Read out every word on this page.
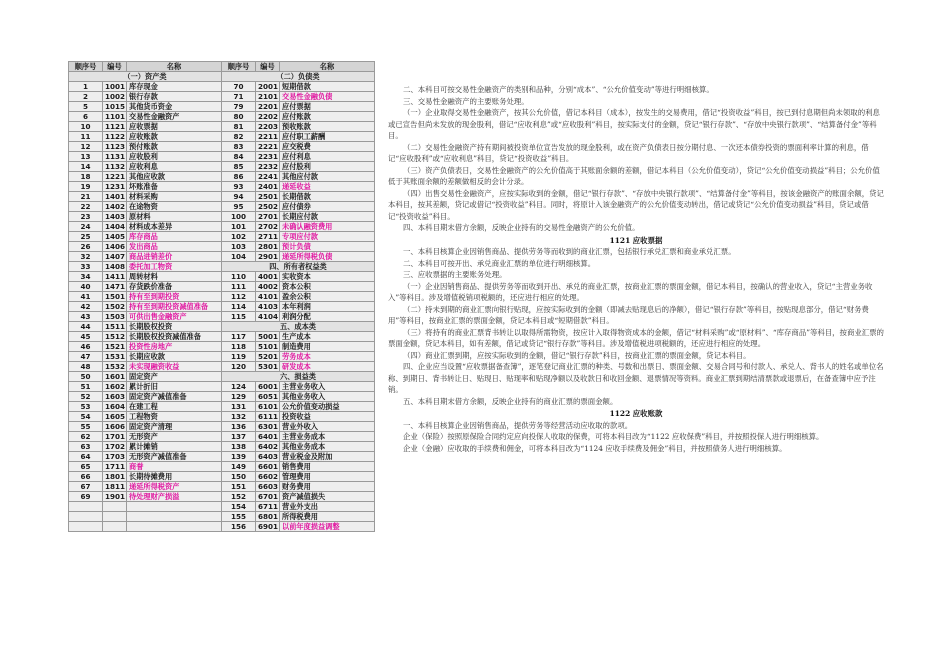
顺序号	编号	名称	顺序号	编号	名称
（一）资产类			（二）负债类		
1	1001	库存现金	70	2001	短期借款
2	1002	银行存款	71	2101	交易性金融负债
5	1015	其他货币资金	79	2201	应付票据
6	1101	交易性金融资产	80	2202	应付账款
10	1121	应收票据	81	2203	预收账款
11	1122	应收账款	82	2211	应付职工薪酬
12	1123	预付账款	83	2221	应交税费
13	1131	应收股利	84	2231	应付利息
14	1132	应收利息	85	2232	应付股利
18	1221	其他应收款	86	2241	其他应付款
19	1231	坏账准备	93	2401	递延收益
21	1401	材料采购	94	2501	长期借款
22	1402	在途物资	95	2502	应付债券
23	1403	原材料	100	2701	长期应付款
24	1404	材料成本差异	101	2702	未确认融资费用
25	1405	库存商品	102	2711	专项应付款
26	1406	发出商品	103	2801	预计负债
32	1407	商品进销差价	104	2901	递延所得税负债
33	1408	委托加工物资	四、所有者权益类		
34	1411	周转材料	110	4001	实收资本
40	1471	存货跌价准备	111	4002	资本公积
41	1501	持有至到期投资	112	4101	盈余公积
42	1502	持有至到期投资减值准备	114	4103	本年利润
43	1503	可供出售金融资产	115	4104	利润分配
44	1511	长期股权投资	五、成本类		
45	1512	长期股权投资减值准备	117	5001	生产成本
46	1521	投资性房地产	118	5101	制造费用
47	1531	长期应收款	119	5201	劳务成本
48	1532	未实现融资收益	120	5301	研发成本
50	1601	固定资产	六、损益类		
51	1602	累计折旧	124	6001	主营业务收入
52	1603	固定资产减值准备	129	6051	其他业务收入
53	1604	在建工程	131	6101	公允价值变动损益
54	1605	工程物资	132	6111	投资收益
55	1606	固定资产清理	136	6301	营业外收入
62	1701	无形资产	137	6401	主营业务成本
63	1702	累计摊销	138	6402	其他业务成本
64	1703	无形资产减值准备	139	6403	营业税金及附加
65	1711	商誉	149	6601	销售费用
66	1801	长期待摊费用	150	6602	管理费用
67	1811	递延所得税资产	151	6603	财务费用
69	1901	待处理财产损溢	152	6701	资产减值损失
			154	6711	营业外支出
			155	6801	所得税费用
			156	6901	以前年度损益调整

二、本科目可按交易性金融资产的类别和品种，分别“成本”、“公允价值变动”等进行明细核算。

三、交易性金融资产的主要账务处理。

（一）企业取得交易性金融资产，按其公允价值，借记本科目（成本），按发生的交易费用，借记“投资收益”科目，按已到付息期但尚未领取的利息或已宣告但尚未发放的现金股利，借记“应收利息”或“应收股利”科目，按实际支付的金额，贷记“银行存款”、“存放中央银行款项”、“结算备付金”等科目。

（二）交易性金融资产持有期间被投资单位宣告发放的现金股利，或在资产负债表日按分期付息、一次还本债券投资的票面利率计算的利息，借记“应收股利”或“应收利息”科目，贷记“投资收益”科目。

（三）资产负债表日，交易性金融资产的公允价值高于其账面余额的差额，借记本科目（公允价值变动），贷记“公允价值变动损益”科目；公允价值低于其账面余额的差额做相反的会计分录。

（四）出售交易性金融资产，应按实际收到的金额，借记“银行存款”、“存放中央银行款项”、“结算备付金”等科目，按该金融资产的账面余额，贷记本科目，按其差额，贷记或借记“投资收益”科目。同时，将原计入该金融资产的公允价值变动转出，借记或贷记“公允价值变动损益”科目，贷记或借记“投资收益”科目。

四、本科目期末借方余额，反映企业持有的交易性金融资产的公允价值。

1121 应收票据

一、本科目核算企业因销售商品、提供劳务等而收到的商业汇票，包括银行承兑汇票和商业承兑汇票。

二、本科目可按开出、承兑商业汇票的单位进行明细核算。

三、应收票据的主要账务处理。

（一）企业因销售商品、提供劳务等而收到开出、承兑的商业汇票，按商业汇票的票面金额，借记本科目，按确认的营业收入，贷记“主营业务收入”等科目。涉及增值税销项税额的，还应进行相应的处理。

（二）持未到期的商业汇票向银行贴现，应按实际收到的金额（即减去贴现息后的净额），借记“银行存款”等科目，按贴现息部分，借记“财务费用”等科目，按商业汇票的票面金额，贷记本科目或“短期借款”科目。

（三）将持有的商业汇票背书转让以取得所需物资，按应计入取得物资成本的金额，借记“材料采购”或“原材料”、“库存商品”等科目，按商业汇票的票面金额，贷记本科目，如有差额，借记或贷记“银行存款”等科目。涉及增值税进项税额的，还应进行相应的处理。

（四）商业汇票到期，应按实际收到的金额，借记“银行存款”科目，按商业汇票的票面金额，贷记本科目。

四、企业应当设置“应收票据备查簿”，逐笔登记商业汇票的种类、号数和出票日、票面金额、交易合同号和付款人、承兑人、背书人的姓名或单位名称、到期日、背书转让日、贴现日、贴现率和贴现净额以及收款日和收回金额、退票情况等资料。商业汇票到期结清票款或退票后，在备查簿中应予注销。

五、本科目期末借方余额，反映企业持有的商业汇票的票面金额。

1122 应收账款

一、本科目核算企业因销售商品，提供劳务等经营活动应收取的款项。

企业（保险）按照原保险合同约定应向投保人收取的保费，可将本科目改为“1122 应收保费”科目，并按照投保人进行明细核算。

企业（金融）应收取的手续费和佣金，可将本科目改为“1124 应收手续费及佣金”科目，并按照债务人进行明细核算。
